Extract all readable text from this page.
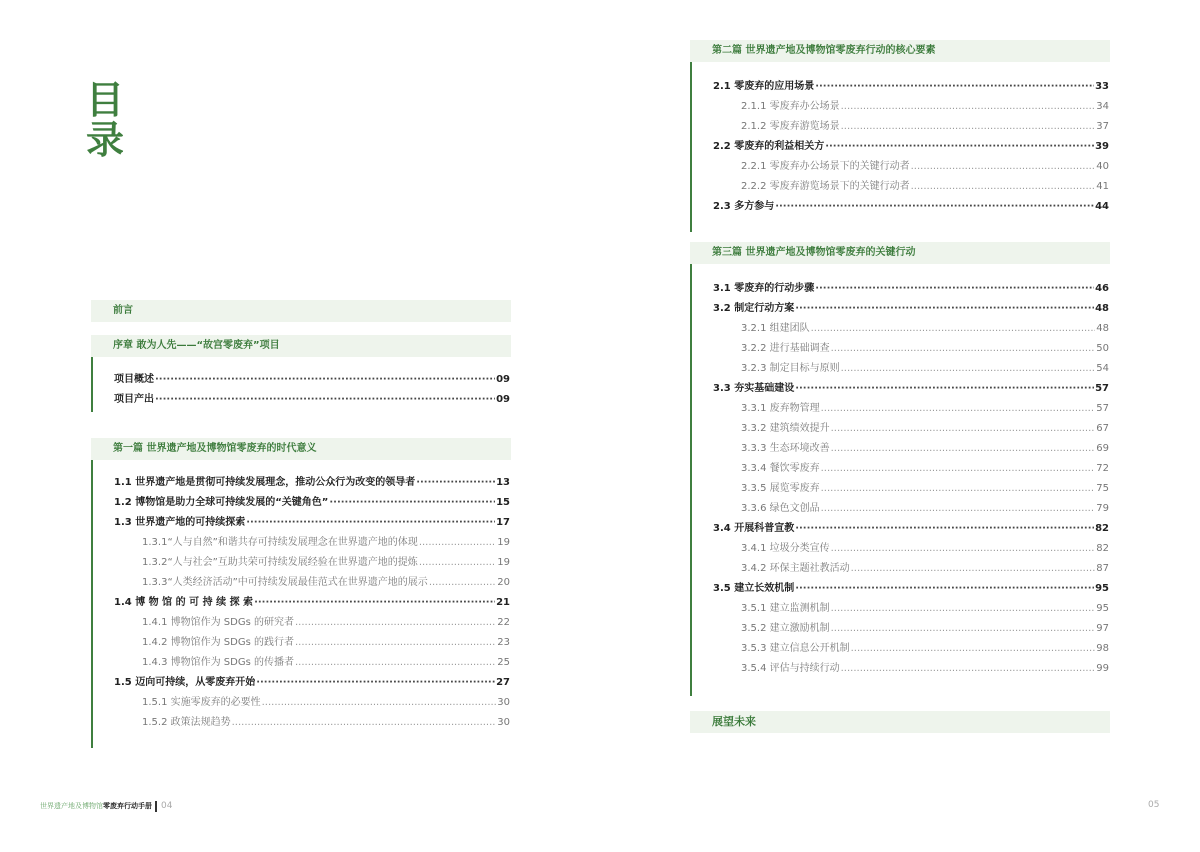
目录
前言
序章 敢为人先——“故宫零废弃”项目
项目概述 ·····	09
项目产出 ·····	09
第一篇 世界遗产地及博物馆零废弃的时代意义
1.1 世界遗产地是贯彻可持续发展理念，推动公众行为改变的领导者 ·····	13
1.2 博物馆是助力全球可持续发展的“关键角色” ·····	15
1.3 世界遗产地的可持续探索 ·····	17
1.3.1“人与自然”和谐共存可持续发展理念在世界遗产地的体现 .....	19
1.3.2“人与社会”互助共荣可持续发展经验在世界遗产地的提炼 .....	19
1.3.3“人类经济活动”中可持续发展最佳范式在世界遗产地的展示 .....	20
1.4 博 物 馆 的 可 持 续 探 索 ·····	21
1.4.1 博物馆作为 SDGs 的研究者 .....	22
1.4.2 博物馆作为 SDGs 的践行者 .....	23
1.4.3 博物馆作为 SDGs 的传播者 .....	25
1.5 迈向可持续，从零废弃开始 ·····	27
1.5.1 实施零废弃的必要性 .....	30
1.5.2 政策法规趋势 .....	30
第二篇 世界遗产地及博物馆零废弃行动的核心要素
2.1 零废弃的应用场景 ·····	33
2.1.1 零废弃办公场景 .....	34
2.1.2 零废弃游览场景 .....	37
2.2 零废弃的利益相关方 ·····	39
2.2.1 零废弃办公场景下的关键行动者 .....	40
2.2.2 零废弃游览场景下的关键行动者 .....	41
2.3 多方参与 ·····	44
第三篇 世界遗产地及博物馆零废弃的关键行动
3.1 零废弃的行动步骤 ·····	46
3.2 制定行动方案 ·····	48
3.2.1 组建团队 .....	48
3.2.2 进行基础调查 .....	50
3.2.3 制定目标与原则 .....	54
3.3 夯实基础建设 ·····	57
3.3.1 废弃物管理 .....	57
3.3.2 建筑绩效提升 .....	67
3.3.3 生态环境改善 .....	69
3.3.4 餐饮零废弃 .....	72
3.3.5 展览零废弃 .....	75
3.3.6 绿色文创品 .....	79
3.4 开展科普宣教 ·····	82
3.4.1 垃圾分类宣传 .....	82
3.4.2 环保主题社教活动 .....	87
3.5 建立长效机制 ·····	95
3.5.1 建立监测机制 .....	95
3.5.2 建立激励机制 .....	97
3.5.3 建立信息公开机制 .....	98
3.5.4 评估与持续行动 .....	99
展望未来
世界遗产地及博物馆 零废弃行动手册 04	05
